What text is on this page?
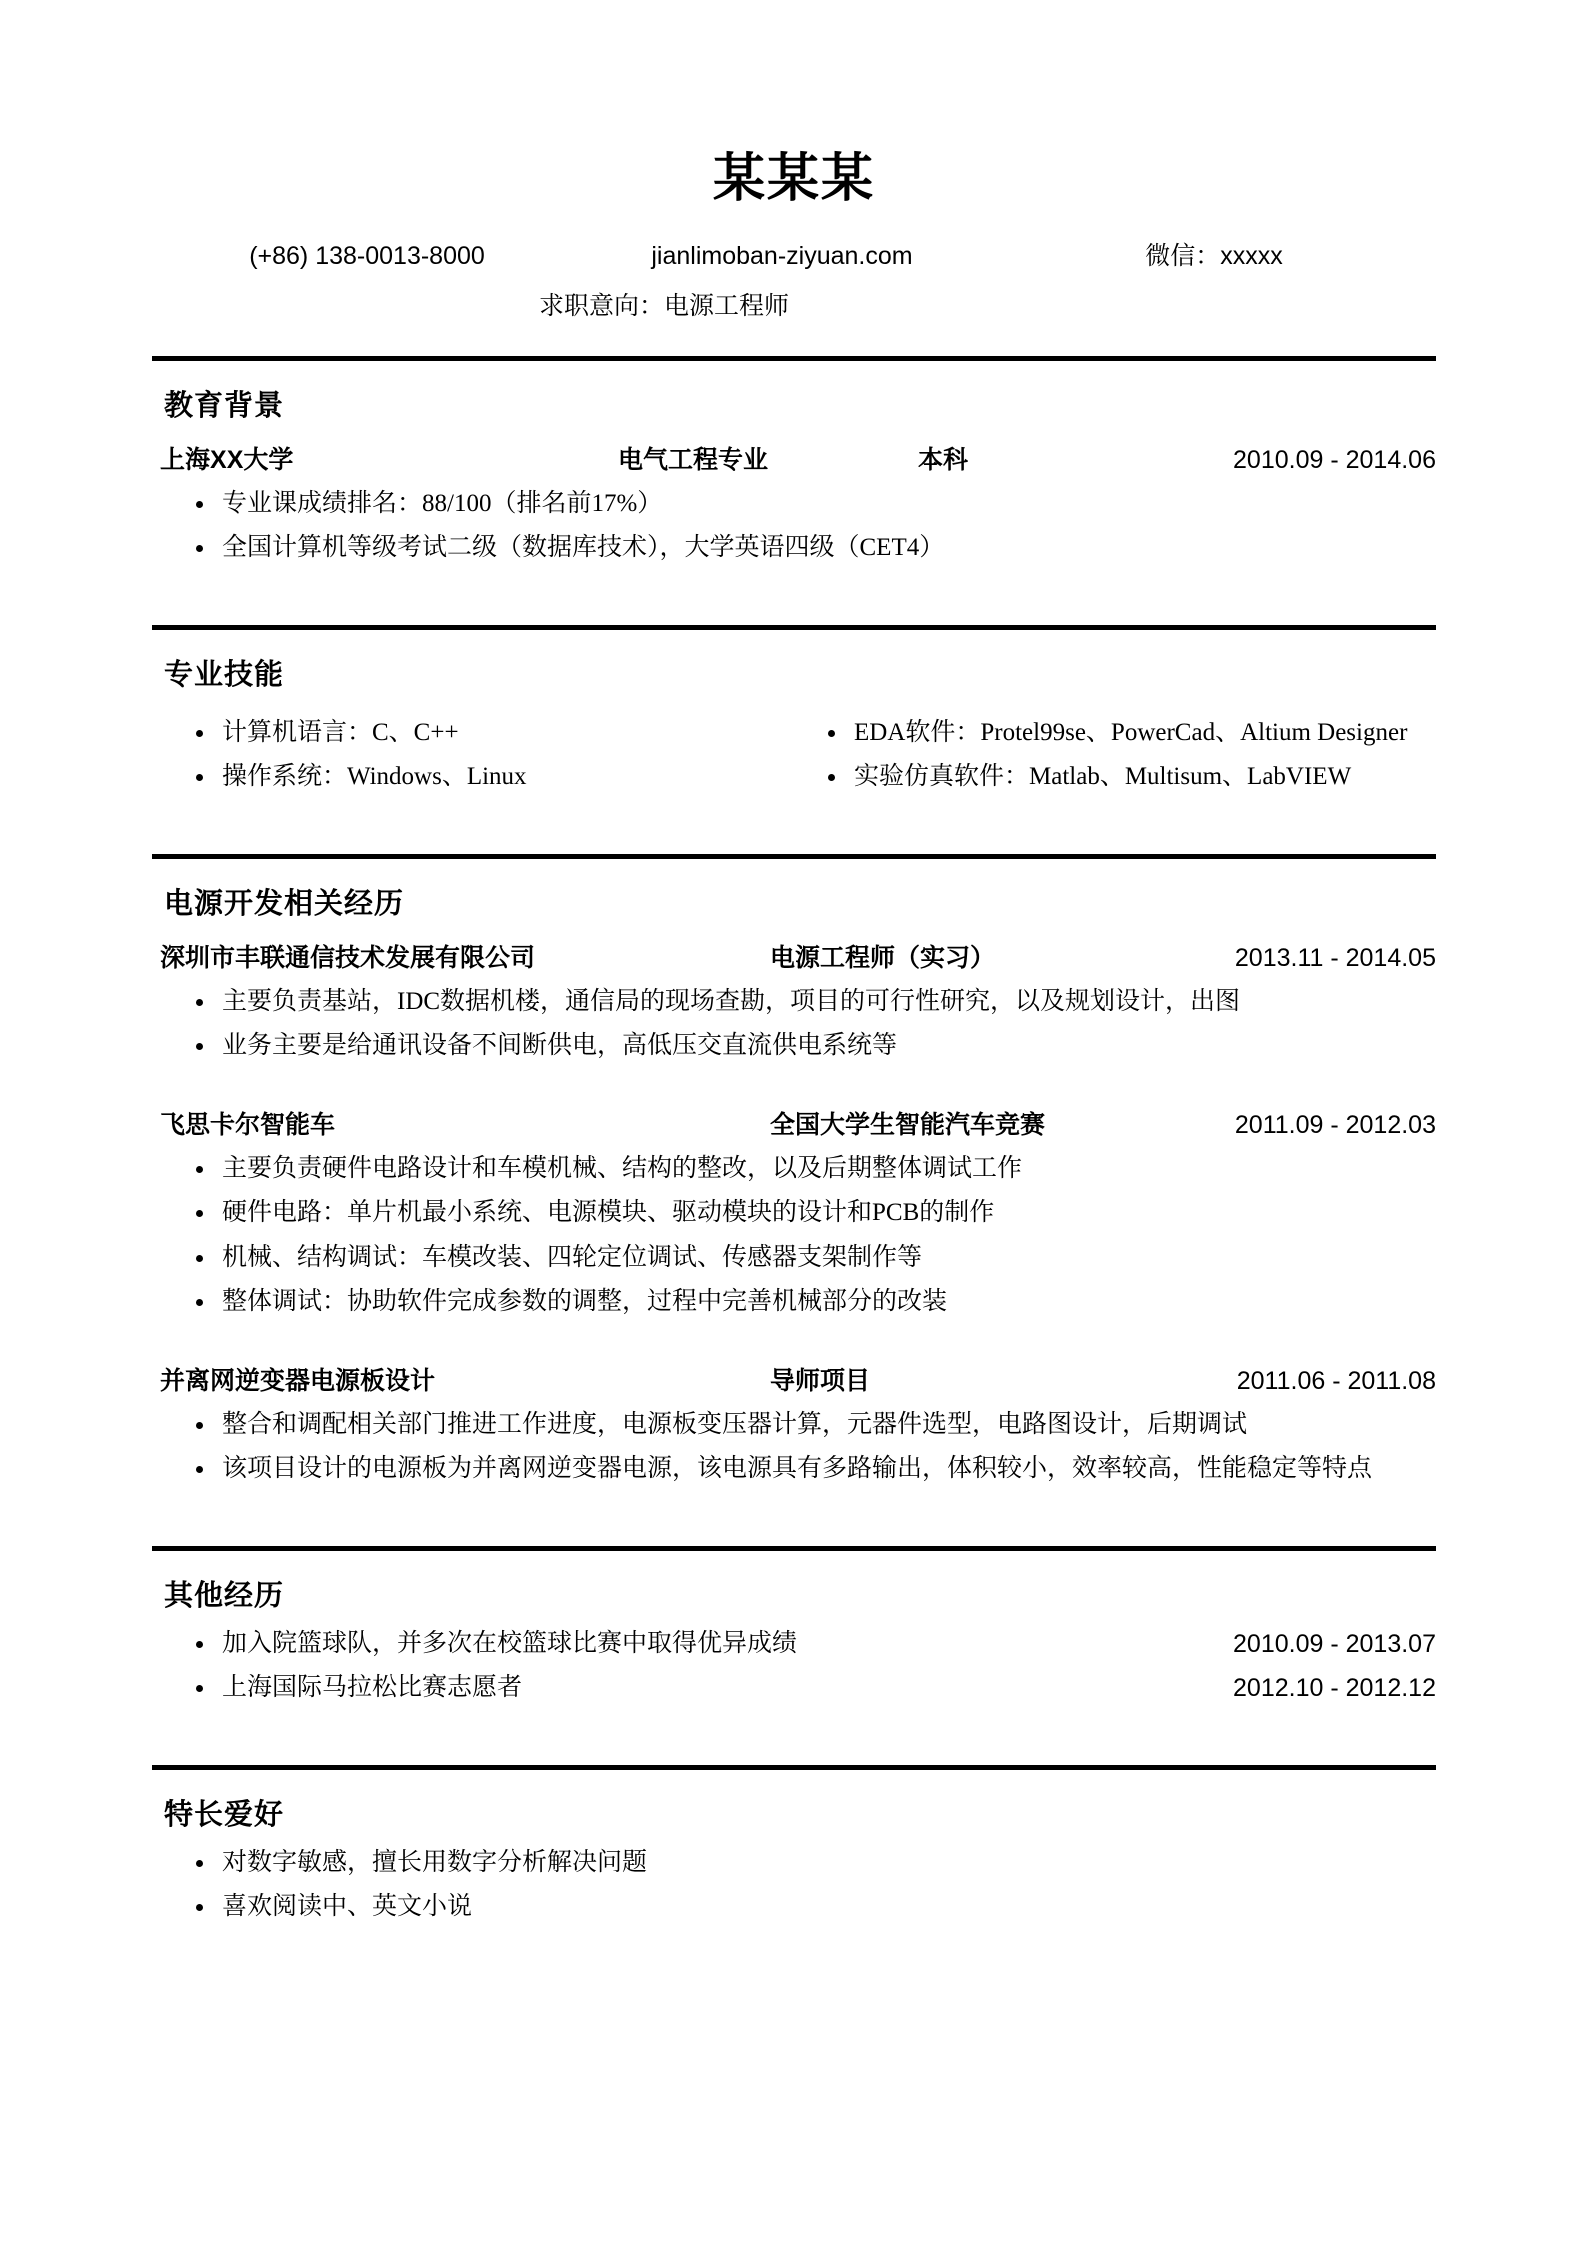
某某某
(+86) 138-0013-8000	jianlimoban-ziyuan.com	微信：xxxxx
求职意向：电源工程师
教育背景
上海XX大学	电气工程专业	本科	2010.09 - 2014.06
专业课成绩排名：88/100（排名前17%）
全国计算机等级考试二级（数据库技术），大学英语四级（CET4）
专业技能
计算机语言：C、C++
操作系统：Windows、Linux
EDA软件：Protel99se、PowerCad、Altium Designer
实验仿真软件：Matlab、Multisum、LabVIEW
电源开发相关经历
深圳市丰联通信技术发展有限公司	电源工程师（实习）	2013.11 - 2014.05
主要负责基站，IDC数据机楼，通信局的现场查勘，项目的可行性研究，以及规划设计，出图
业务主要是给通讯设备不间断供电，高低压交直流供电系统等
飞思卡尔智能车	全国大学生智能汽车竞赛	2011.09 - 2012.03
主要负责硬件电路设计和车模机械、结构的整改，以及后期整体调试工作
硬件电路：单片机最小系统、电源模块、驱动模块的设计和PCB的制作
机械、结构调试：车模改装、四轮定位调试、传感器支架制作等
整体调试：协助软件完成参数的调整，过程中完善机械部分的改装
并离网逆变器电源板设计	导师项目	2011.06 - 2011.08
整合和调配相关部门推进工作进度，电源板变压器计算，元器件选型，电路图设计，后期调试
该项目设计的电源板为并离网逆变器电源，该电源具有多路输出，体积较小，效率较高，性能稳定等特点
其他经历
加入院篮球队，并多次在校篮球比赛中取得优异成绩	2010.09 - 2013.07
上海国际马拉松比赛志愿者	2012.10 - 2012.12
特长爱好
对数字敏感，擅长用数字分析解决问题
喜欢阅读中、英文小说
